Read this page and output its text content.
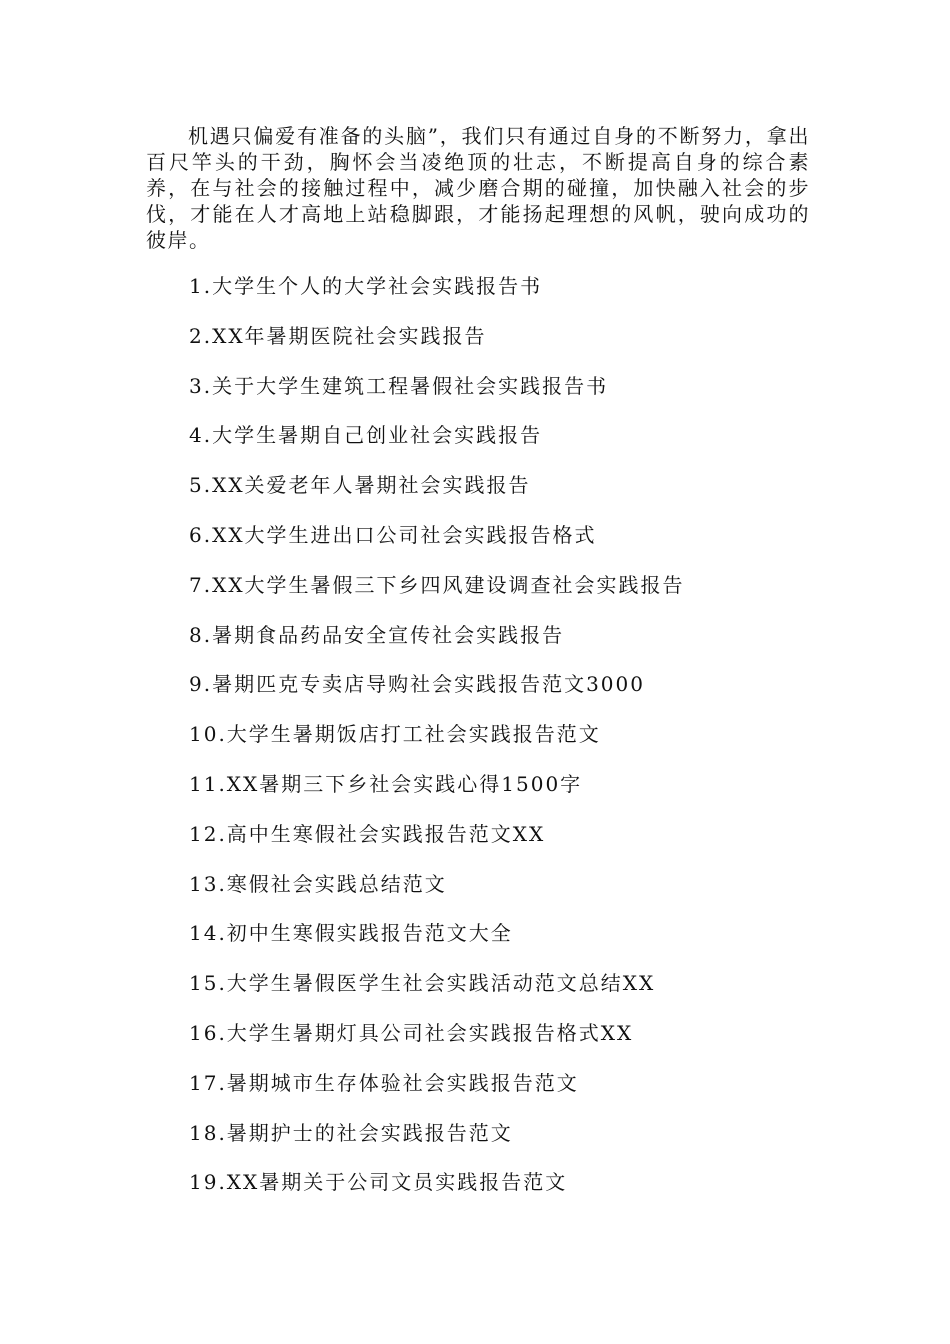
机遇只偏爱有准备的头脑”，我们只有通过自身的不断努力，拿出百尺竿头的干劲，胸怀会当凌绝顶的壮志，不断提高自身的综合素养，在与社会的接触过程中，减少磨合期的碰撞，加快融入社会的步伐，才能在人才高地上站稳脚跟，才能扬起理想的风帆，驶向成功的彼岸。

1.大学生个人的大学社会实践报告书
2.XX年暑期医院社会实践报告
3.关于大学生建筑工程暑假社会实践报告书
4.大学生暑期自己创业社会实践报告
5.XX关爱老年人暑期社会实践报告
6.XX大学生进出口公司社会实践报告格式
7.XX大学生暑假三下乡四风建设调查社会实践报告
8.暑期食品药品安全宣传社会实践报告
9.暑期匹克专卖店导购社会实践报告范文3000
10.大学生暑期饭店打工社会实践报告范文
11.XX暑期三下乡社会实践心得1500字
12.高中生寒假社会实践报告范文XX
13.寒假社会实践总结范文
14.初中生寒假实践报告范文大全
15.大学生暑假医学生社会实践活动范文总结XX
16.大学生暑期灯具公司社会实践报告格式XX
17.暑期城市生存体验社会实践报告范文
18.暑期护士的社会实践报告范文
19.XX暑期关于公司文员实践报告范文
